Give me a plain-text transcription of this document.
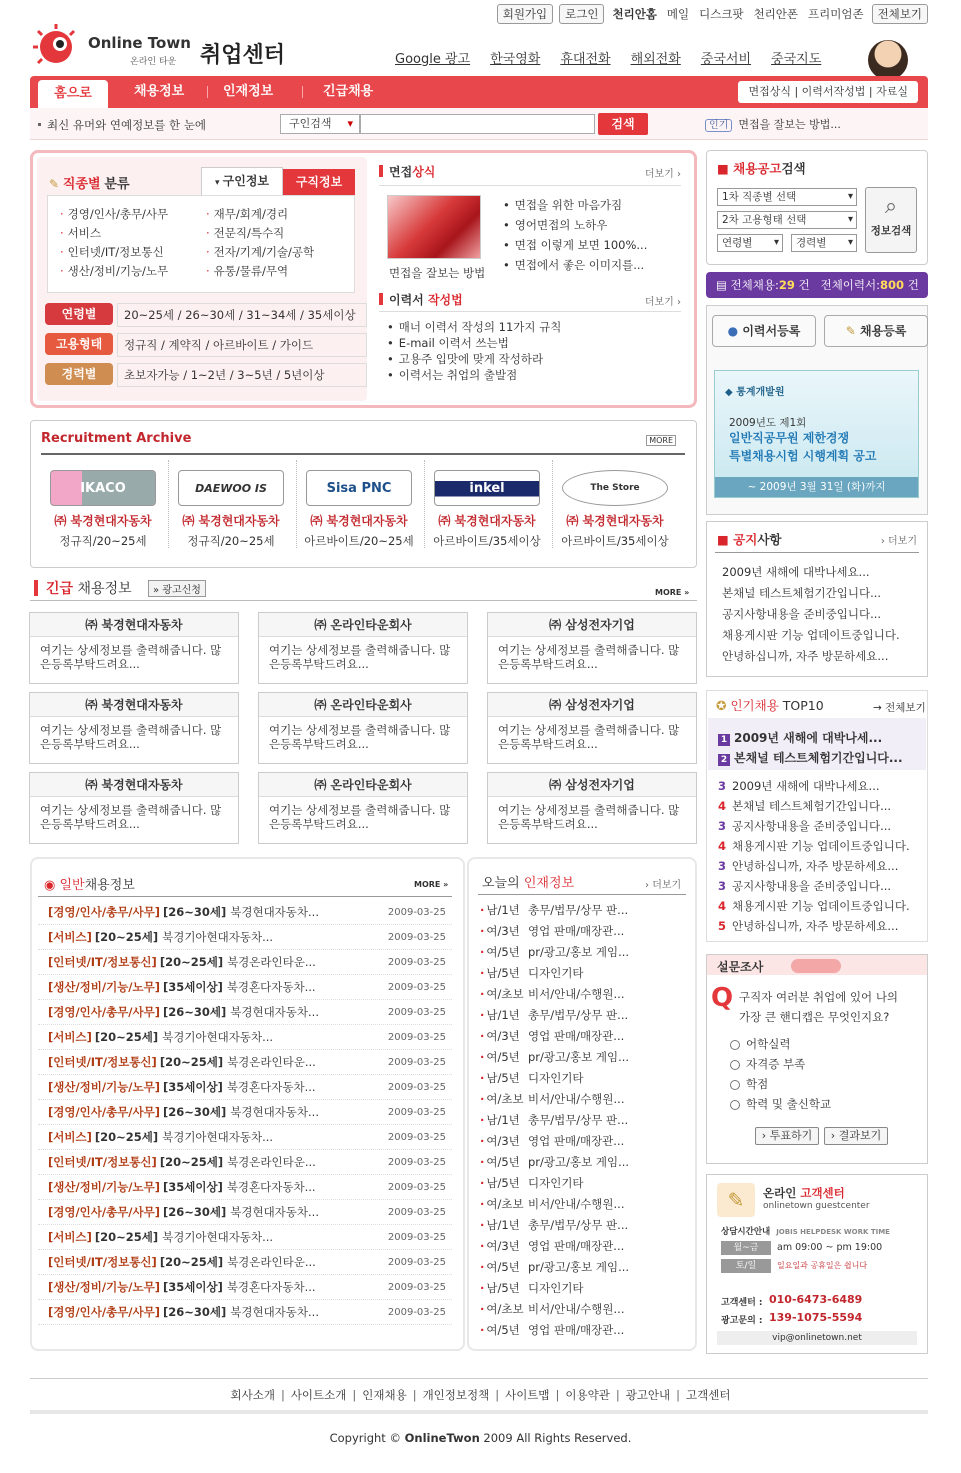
회원가입	로그인	천리안홈 메일 디스크팟 천리안폰 프리미엄존	전체보기
Online Town
온라인 타운 취업센터	Google 광고 한국영화 휴대전화 해외전화 중국서비 중국지도
홈으로	채용정보	인재정보	긴급채용	면접상식 | 이력서작성법 | 자료실
최신 유머와 연예정보를 한 눈에	구인검색 ▾	검색	인기 면접을 잘보는 방법...
✎ 직종별 분류	▾ 구인정보	구직정보
· 경영/인사/총무/사무
· 서비스
· 인터넷/IT/정보통신
· 생산/정비/기능/노무
· 재무/회계/경리
· 전문직/특수직
· 전자/기계/기술/공학
· 유통/물류/무역
연령별	20~25세 / 26~30세 / 31~34세 / 35세이상
고용형태	정규직 / 계약직 / 아르바이트 / 가이드
경력별	초보자가능 / 1~2년 / 3~5년 / 5년이상
면접상식	더보기 ›
면접을 잘보는 방법
• 면접을 위한 마음가짐
• 영어면접의 노하우
• 면접 이렇게 보면 100%...
• 면접에서 좋은 이미지를...
이력서 작성법	더보기 ›
• 매너 이력서 작성의 11가지 규칙
• E-mail 이력서 쓰는법
• 고용주 입맛에 맞게 작성하라
• 이력서는 취업의 출발점
Recruitment Archive	MORE
IKACO
㈜ 북경현대자동차
정규직/20~25세
DAEWOO IS
㈜ 북경현대자동차
정규직/20~25세
Sisa PNC
㈜ 북경현대자동차
아르바이트/20~25세
inkel
㈜ 북경현대자동차
아르바이트/35세이상
The Store
㈜ 북경현대자동차
아르바이트/35세이상
긴급 채용정보	» 광고신청	MORE »
㈜ 북경현대자동차
여기는 상세정보를 출력해줍니다. 많은등록부탁드려요...
㈜ 온라인타운회사
여기는 상세정보를 출력해줍니다. 많은등록부탁드려요...
㈜ 삼성전자기업
여기는 상세정보를 출력해줍니다. 많은등록부탁드려요...
㈜ 북경현대자동차
여기는 상세정보를 출력해줍니다. 많은등록부탁드려요...
㈜ 온라인타운회사
여기는 상세정보를 출력해줍니다. 많은등록부탁드려요...
㈜ 삼성전자기업
여기는 상세정보를 출력해줍니다. 많은등록부탁드려요...
㈜ 북경현대자동차
여기는 상세정보를 출력해줍니다. 많은등록부탁드려요...
㈜ 온라인타운회사
여기는 상세정보를 출력해줍니다. 많은등록부탁드려요...
㈜ 삼성전자기업
여기는 상세정보를 출력해줍니다. 많은등록부탁드려요...
◉ 일반채용정보	MORE »
[경영/인사/총무/사무] [26~30세] 북경현대자동차...	2009-03-25
[서비스] [20~25세] 북경기아현대자동차...	2009-03-25
[인터넷/IT/정보통신] [20~25세] 북경온라인타운...	2009-03-25
[생산/정비/기능/노무] [35세이상] 북경혼다자동차...	2009-03-25
[경영/인사/총무/사무] [26~30세] 북경현대자동차...	2009-03-25
[서비스] [20~25세] 북경기아현대자동차...	2009-03-25
[인터넷/IT/정보통신] [20~25세] 북경온라인타운...	2009-03-25
[생산/정비/기능/노무] [35세이상] 북경혼다자동차...	2009-03-25
[경영/인사/총무/사무] [26~30세] 북경현대자동차...	2009-03-25
[서비스] [20~25세] 북경기아현대자동차...	2009-03-25
[인터넷/IT/정보통신] [20~25세] 북경온라인타운...	2009-03-25
[생산/정비/기능/노무] [35세이상] 북경혼다자동차...	2009-03-25
[경영/인사/총무/사무] [26~30세] 북경현대자동차...	2009-03-25
[서비스] [20~25세] 북경기아현대자동차...	2009-03-25
[인터넷/IT/정보통신] [20~25세] 북경온라인타운...	2009-03-25
[생산/정비/기능/노무] [35세이상] 북경혼다자동차...	2009-03-25
[경영/인사/총무/사무] [26~30세] 북경현대자동차...	2009-03-25
오늘의 인재정보	› 더보기
· 남/1년 총무/법무/상무 판...
· 여/3년 영업 판매/매장관...
· 여/5년 pr/광고/홍보 게임...
· 남/5년 디자인기타
· 여/초보 비서/안내/수행원...
· 남/1년 총무/법무/상무 판...
· 여/3년 영업 판매/매장관...
· 여/5년 pr/광고/홍보 게임...
· 남/5년 디자인기타
· 여/초보 비서/안내/수행원...
· 남/1년 총무/법무/상무 판...
· 여/3년 영업 판매/매장관...
· 여/5년 pr/광고/홍보 게임...
· 남/5년 디자인기타
· 여/초보 비서/안내/수행원...
· 남/1년 총무/법무/상무 판...
· 여/3년 영업 판매/매장관...
· 여/5년 pr/광고/홍보 게임...
· 남/5년 디자인기타
· 여/초보 비서/안내/수행원...
· 여/5년 영업 판매/매장관...
■ 채용공고검색
1차 직종별 선택 ▾
2차 고용형태 선택 ▾
연령별 ▾	경력별 ▾
⌕
정보검색
▤ 전체채용:29 건 전체이력서:800 건
● 이력서등록	✎ 채용등록
◆ 통계개발원
2009년도 제1회
일반직공무원 제한경쟁
특별채용시험 시행계획 공고
~ 2009년 3월 31일 (화)까지
■ 공지사항	› 더보기
2009년 새해에 대박나세요...
본채널 테스트체험기간입니다...
공지사항내용을 준비중입니다...
채용게시판 기능 업데이트중입니다.
안녕하십니까, 자주 방문하세요...
✪ 인기채용 TOP10	→ 전체보기
1 2009년 새해에 대박나세...
2 본채널 테스트체험기간입니다...
3 2009년 새해에 대박나세요...
4 본채널 테스트체험기간입니다...
3 공지사항내용을 준비중입니다...
4 채용게시판 기능 업데이트중입니다.
3 안녕하십니까, 자주 방문하세요...
3 공지사항내용을 준비중입니다...
4 채용게시판 기능 업데이트중입니다.
5 안녕하십니까, 자주 방문하세요...
설문조사
Q 구직자 여러분 취업에 있어 나의
가장 큰 핸디캡은 무엇인지요?
어학실력
자격증 부족
학점
학력 및 출신학교
› 투표하기	› 결과보기
✎	온라인 고객센터
onlinetown guestcenter
상담시간안내 JOBIS HELPDESK WORK TIME
월~금	am 09:00 ~ pm 19:00
토/일	일요일과 공휴일은 쉽니다
고객센터 : 010-6473-6489
광고문의 : 139-1075-5594
vip@onlinetown.net
회사소개 | 사이트소개 | 인재채용 | 개인정보정책 | 사이트맵 | 이용약관 | 광고안내 | 고객센터
Copyright © OnlineTwon 2009 All Rights Reserved.
